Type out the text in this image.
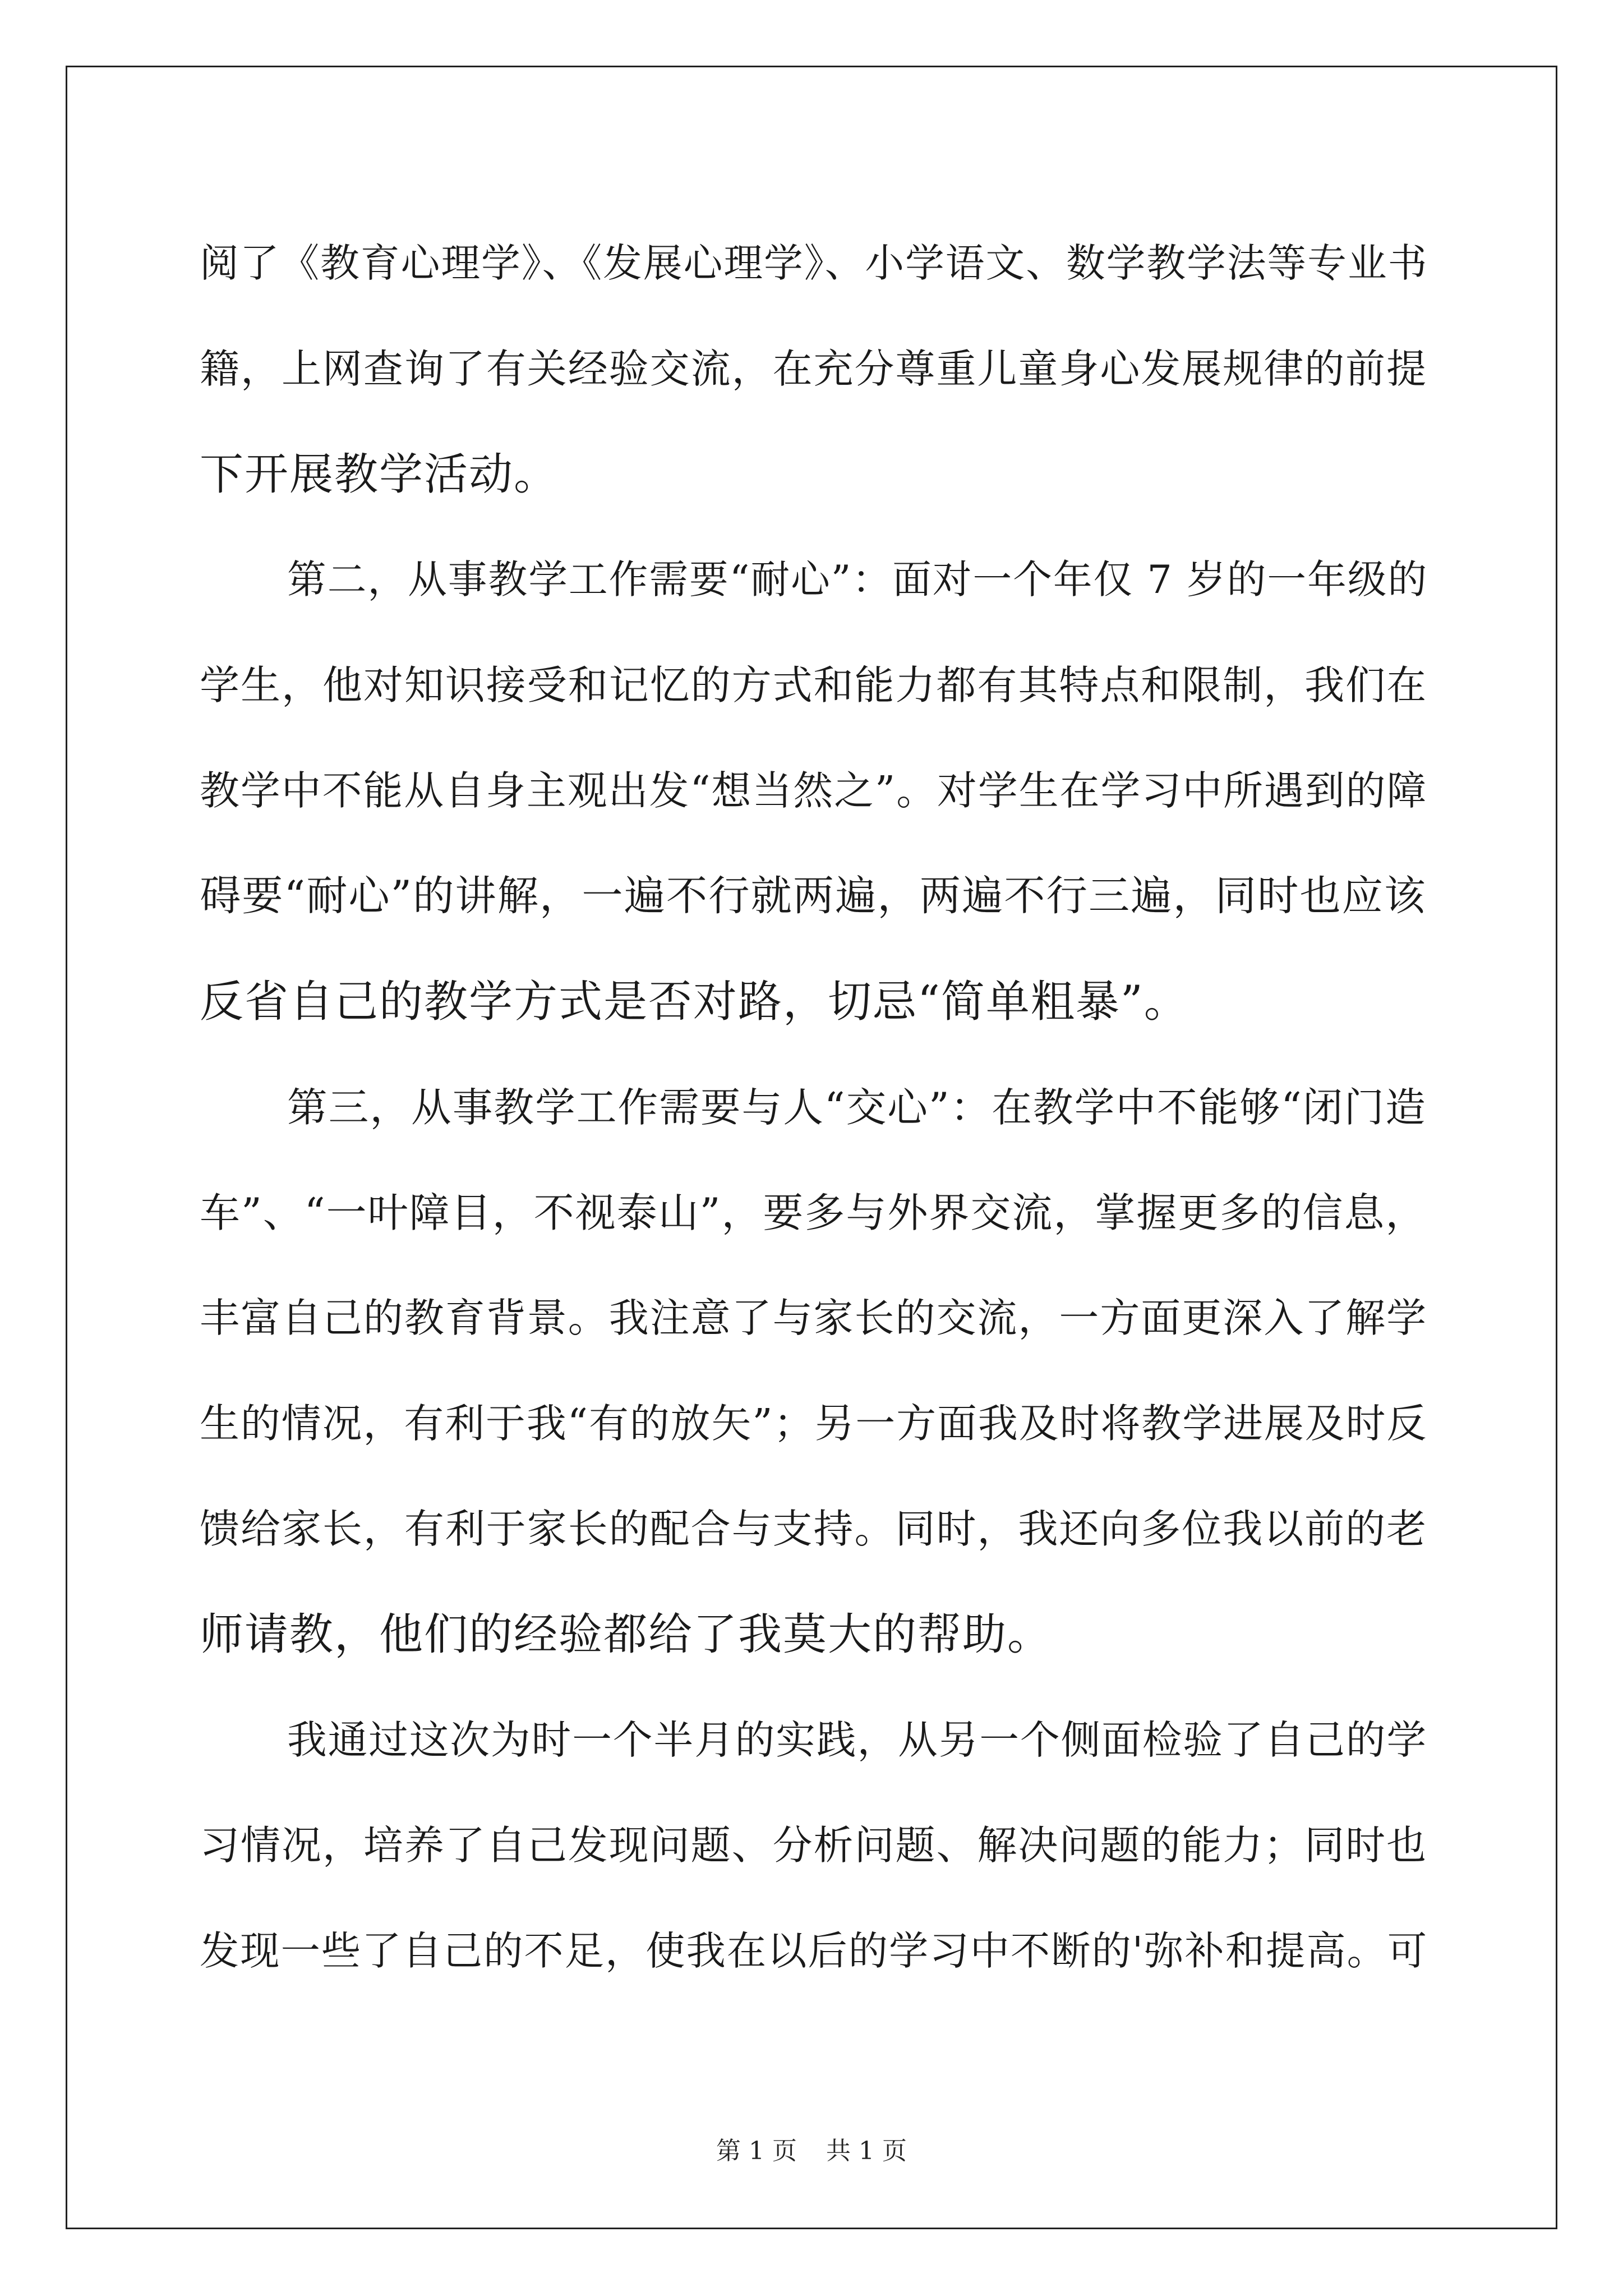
阅了《教育心理学》、《发展心理学》、小学语文、数学教学法等专业书
籍，上网查询了有关经验交流，在充分尊重儿童身心发展规律的前提
下开展教学活动。

第二，从事教学工作需要“耐心”：面对一个年仅 7 岁的一年级的
学生，他对知识接受和记忆的方式和能力都有其特点和限制，我们在
教学中不能从自身主观出发“想当然之”。对学生在学习中所遇到的障
碍要“耐心”的讲解，一遍不行就两遍，两遍不行三遍，同时也应该
反省自己的教学方式是否对路，切忌“简单粗暴”。

第三，从事教学工作需要与人“交心”：在教学中不能够“闭门造
车”、“一叶障目，不视泰山”，要多与外界交流，掌握更多的信息，
丰富自己的教育背景。我注意了与家长的交流，一方面更深入了解学
生的情况，有利于我“有的放矢”；另一方面我及时将教学进展及时反
馈给家长，有利于家长的配合与支持。同时，我还向多位我以前的老
师请教，他们的经验都给了我莫大的帮助。

我通过这次为时一个半月的实践，从另一个侧面检验了自己的学
习情况，培养了自己发现问题、分析问题、解决问题的能力；同时也
发现一些了自己的不足，使我在以后的学习中不断的'弥补和提高。可

第 1 页 共 1 页
